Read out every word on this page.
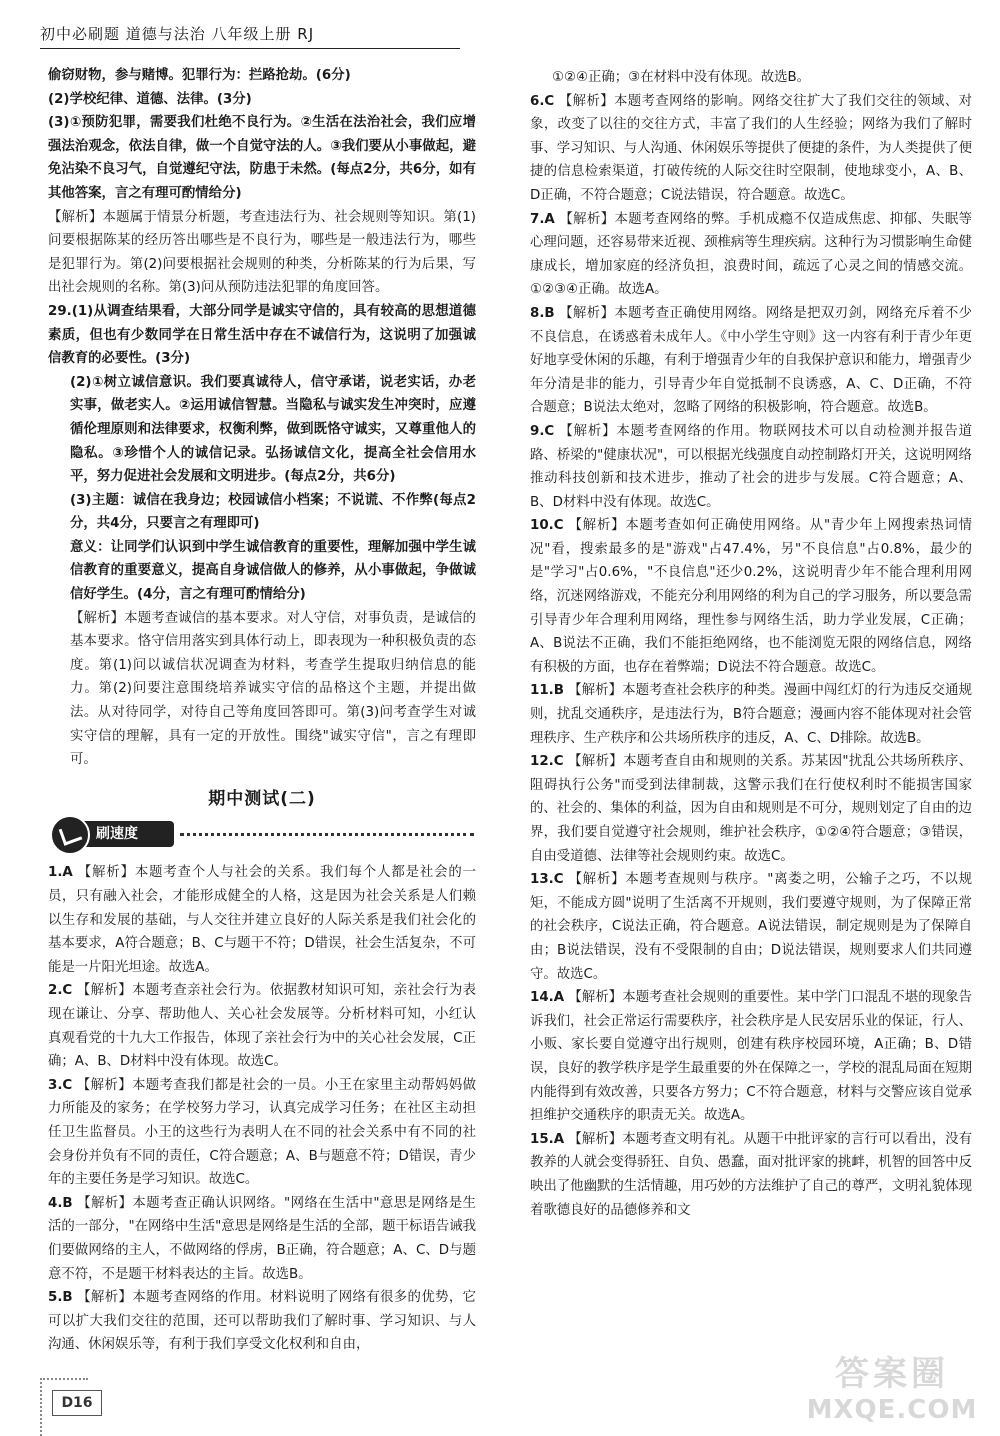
初中必刷题 道德与法治 八年级上册 RJ

偷窃财物，参与赌博。犯罪行为：拦路抢劫。(6分)

(2)学校纪律、道德、法律。(3分)

(3)①预防犯罪，需要我们杜绝不良行为。②生活在法治社会，我们应增强法治观念，依法自律，做一个自觉守法的人。③我们要从小事做起，避免沾染不良习气，自觉遵纪守法，防患于未然。(每点2分，共6分，如有其他答案，言之有理可酌情给分)

【解析】本题属于情景分析题，考查违法行为、社会规则等知识。第(1)问要根据陈某的经历答出哪些是不良行为，哪些是一般违法行为，哪些是犯罪行为。第(2)问要根据社会规则的种类，分析陈某的行为后果，写出社会规则的名称。第(3)问从预防违法犯罪的角度回答。

29.(1)从调查结果看，大部分同学是诚实守信的，具有较高的思想道德素质，但也有少数同学在日常生活中存在不诚信行为，这说明了加强诚信教育的必要性。(3分)

(2)①树立诚信意识。我们要真诚待人，信守承诺，说老实话，办老实事，做老实人。②运用诚信智慧。当隐私与诚实发生冲突时，应遵循伦理原则和法律要求，权衡利弊，做到既恪守诚实，又尊重他人的隐私。③珍惜个人的诚信记录。弘扬诚信文化，提高全社会信用水平，努力促进社会发展和文明进步。(每点2分，共6分)

(3)主题：诚信在我身边；校园诚信小档案；不说谎、不作弊(每点2分，共4分，只要言之有理即可)

意义：让同学们认识到中学生诚信教育的重要性，理解加强中学生诚信教育的重要意义，提高自身诚信做人的修养，从小事做起，争做诚信好学生。(4分，言之有理可酌情给分)

【解析】本题考查诚信的基本要求。对人守信，对事负责，是诚信的基本要求。恪守信用落实到具体行动上，即表现为一种积极负责的态度。第(1)问以诚信状况调查为材料，考查学生提取归纳信息的能力。第(2)问要注意围绕培养诚实守信的品格这个主题，并提出做法。从对待同学，对待自己等角度回答即可。第(3)问考查学生对诚实守信的理解，具有一定的开放性。围绕"诚实守信"，言之有理即可。

期中测试(二)
刷速度

1.A 【解析】本题考查个人与社会的关系。我们每个人都是社会的一员，只有融入社会，才能形成健全的人格，这是因为社会关系是人们赖以生存和发展的基础，与人交往并建立良好的人际关系是我们社会化的基本要求，A符合题意；B、C与题干不符；D错误，社会生活复杂，不可能是一片阳光坦途。故选A。

2.C 【解析】本题考查亲社会行为。依据教材知识可知，亲社会行为表现在谦让、分享、帮助他人、关心社会发展等。分析材料可知，小红认真观看党的十九大工作报告，体现了亲社会行为中的关心社会发展，C正确；A、B、D材料中没有体现。故选C。

3.C 【解析】本题考查我们都是社会的一员。小王在家里主动帮妈妈做力所能及的家务；在学校努力学习，认真完成学习任务；在社区主动担任卫生监督员。小王的这些行为表明人在不同的社会关系中有不同的社会身份并负有不同的责任，C符合题意；A、B与题意不符；D错误，青少年的主要任务是学习知识。故选C。

4.B 【解析】本题考查正确认识网络。"网络在生活中"意思是网络是生活的一部分，"在网络中生活"意思是网络是生活的全部，题干标语告诫我们要做网络的主人，不做网络的俘虏，B正确，符合题意；A、C、D与题意不符，不是题干材料表达的主旨。故选B。

5.B 【解析】本题考查网络的作用。材料说明了网络有很多的优势，它可以扩大我们交往的范围，还可以帮助我们了解时事、学习知识、与人沟通、休闲娱乐等，有利于我们享受文化权利和自由，

①②④正确；③在材料中没有体现。故选B。

6.C 【解析】本题考查网络的影响。网络交往扩大了我们交往的领域、对象，改变了以往的交往方式，丰富了我们的人生经验；网络为我们了解时事、学习知识、与人沟通、休闲娱乐等提供了便捷的条件，为人类提供了便捷的信息检索渠道，打破传统的人际交往时空限制，使地球变小，A、B、D正确，不符合题意；C说法错误，符合题意。故选C。

7.A 【解析】本题考查网络的弊。手机成瘾不仅造成焦虑、抑郁、失眠等心理问题，还容易带来近视、颈椎病等生理疾病。这种行为习惯影响生命健康成长，增加家庭的经济负担，浪费时间，疏远了心灵之间的情感交流。①②③④正确。故选A。

8.B 【解析】本题考查正确使用网络。网络是把双刃剑，网络充斥着不少不良信息，在诱惑着未成年人。《中小学生守则》这一内容有利于青少年更好地享受休闲的乐趣，有利于增强青少年的自我保护意识和能力，增强青少年分清是非的能力，引导青少年自觉抵制不良诱惑，A、C、D正确，不符合题意；B说法太绝对，忽略了网络的积极影响，符合题意。故选B。

9.C 【解析】本题考查网络的作用。物联网技术可以自动检测并报告道路、桥梁的"健康状况"，可以根据光线强度自动控制路灯开关，这说明网络推动科技创新和技术进步，推动了社会的进步与发展。C符合题意；A、B、D材料中没有体现。故选C。

10.C 【解析】本题考查如何正确使用网络。从"青少年上网搜索热词情况"看，搜索最多的是"游戏"占47.4%，另"不良信息"占0.8%，最少的是"学习"占0.6%，"不良信息"还少0.2%，这说明青少年不能合理利用网络，沉迷网络游戏，不能充分利用网络的利为自己的学习服务，所以要急需引导青少年合理利用网络，理性参与网络生活，助力学业发展，C正确；A、B说法不正确，我们不能拒绝网络，也不能浏览无限的网络信息，网络有积极的方面，也存在着弊端；D说法不符合题意。故选C。

11.B 【解析】本题考查社会秩序的种类。漫画中闯红灯的行为违反交通规则，扰乱交通秩序，是违法行为，B符合题意；漫画内容不能体现对社会管理秩序、生产秩序和公共场所秩序的违反，A、C、D排除。故选B。

12.C 【解析】本题考查自由和规则的关系。苏某因"扰乱公共场所秩序、阻碍执行公务"而受到法律制裁，这警示我们在行使权利时不能损害国家的、社会的、集体的利益，因为自由和规则是不可分，规则划定了自由的边界，我们要自觉遵守社会规则，维护社会秩序，①②④符合题意；③错误，自由受道德、法律等社会规则约束。故选C。

13.C 【解析】本题考查规则与秩序。"离娄之明，公输子之巧，不以规矩，不能成方圆"说明了生活离不开规则，我们要遵守规则，为了保障正常的社会秩序，C说法正确，符合题意。A说法错误，制定规则是为了保障自由；B说法错误，没有不受限制的自由；D说法错误，规则要求人们共同遵守。故选C。

14.A 【解析】本题考查社会规则的重要性。某中学门口混乱不堪的现象告诉我们，社会正常运行需要秩序，社会秩序是人民安居乐业的保证，行人、小贩、家长要自觉遵守出行规则，创建有秩序校园环境，A正确；B、D错误，良好的教学秩序是学生最重要的外在保障之一，学校的混乱局面在短期内能得到有效改善，只要各方努力；C不符合题意，材料与交警应该自觉承担维护交通秩序的职责无关。故选A。

15.A 【解析】本题考查文明有礼。从题干中批评家的言行可以看出，没有教养的人就会变得骄狂、自负、愚蠢，面对批评家的挑衅，机智的回答中反映出了他幽默的生活情趣，用巧妙的方法维护了自己的尊严，文明礼貌体现着歌德良好的品德修养和文

D16
答案圈
MXQE.COM
